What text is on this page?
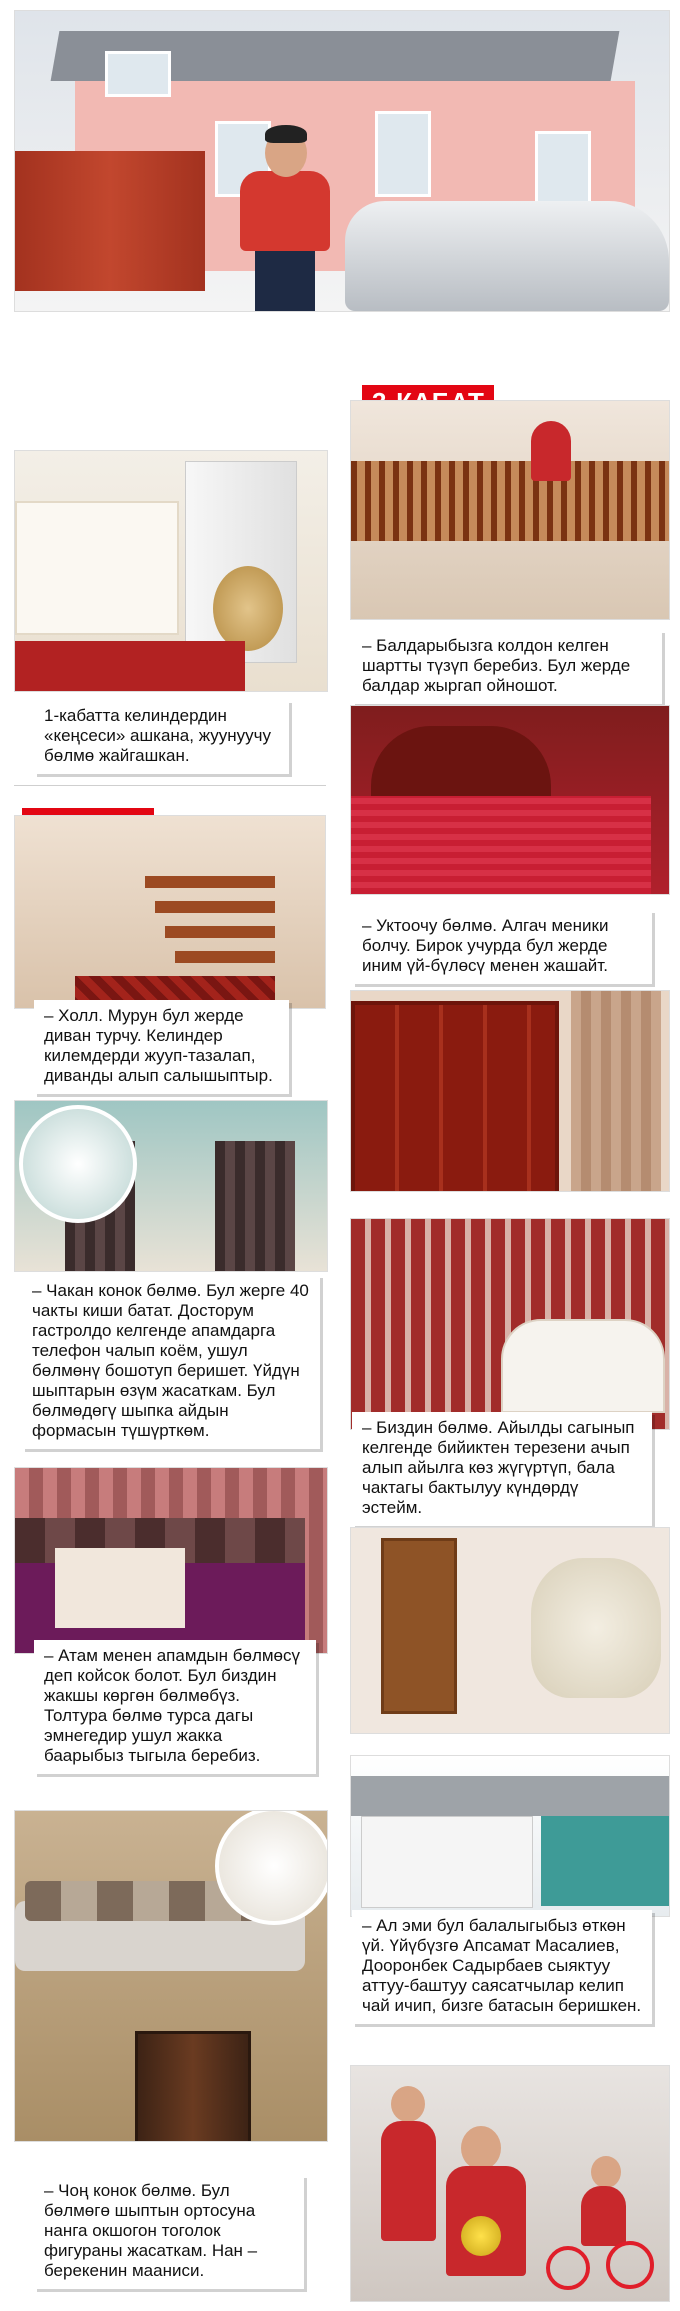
1-кабатта келиндердин «кеңсеси» ашкана, жуунуучу бөлмө жайгашкан.
– Холл. Мурун бул жерде диван турчу. Келиндер килемдерди жууп-тазалап, диванды алып салышыптыр.
– Чакан конок бөлмө. Бул жерге 40 чакты киши батат. Досторум гастролдо келгенде апамдарга телефон чалып коём, ушул бөлмөнү бошотуп беришет. Үйдүн шыптарын өзүм жасаткам. Бул бөлмөдөгү шыпка айдын формасын түшүрткөм.
– Атам менен апамдын бөлмөсү деп койсок болот. Бул биздин жакшы көргөн бөлмөбүз. Толтура бөлмө турса дагы эмнегедир ушул жакка баарыбыз тыгыла беребиз.
– Чоң конок бөлмө. Бул бөлмөгө шыптын ортосуна нанга окшогон тоголок фигураны жасаткам. Нан – берекенин мааниси.
– Балдарыбызга колдон келген шартты түзүп беребиз. Бул жерде балдар жыргап ойношот.
– Уктоочу бөлмө. Алгач меники болчу. Бирок учурда бул жерде иним үй-бүлөсү менен жашайт.
– Биздин бөлмө. Айылды сагынып келгенде бийиктен терезени ачып алып айылга көз жүгүртүп, бала чактагы бактылуу күндөрдү эстейм.
– Ал эми бул балалыгыбыз өткөн үй. Үйүбүзгө Апсамат Масалиев, Дооронбек Садырбаев сыяктуу аттуу-баштуу саясатчылар келип чай ичип, бизге батасын беришкен.
